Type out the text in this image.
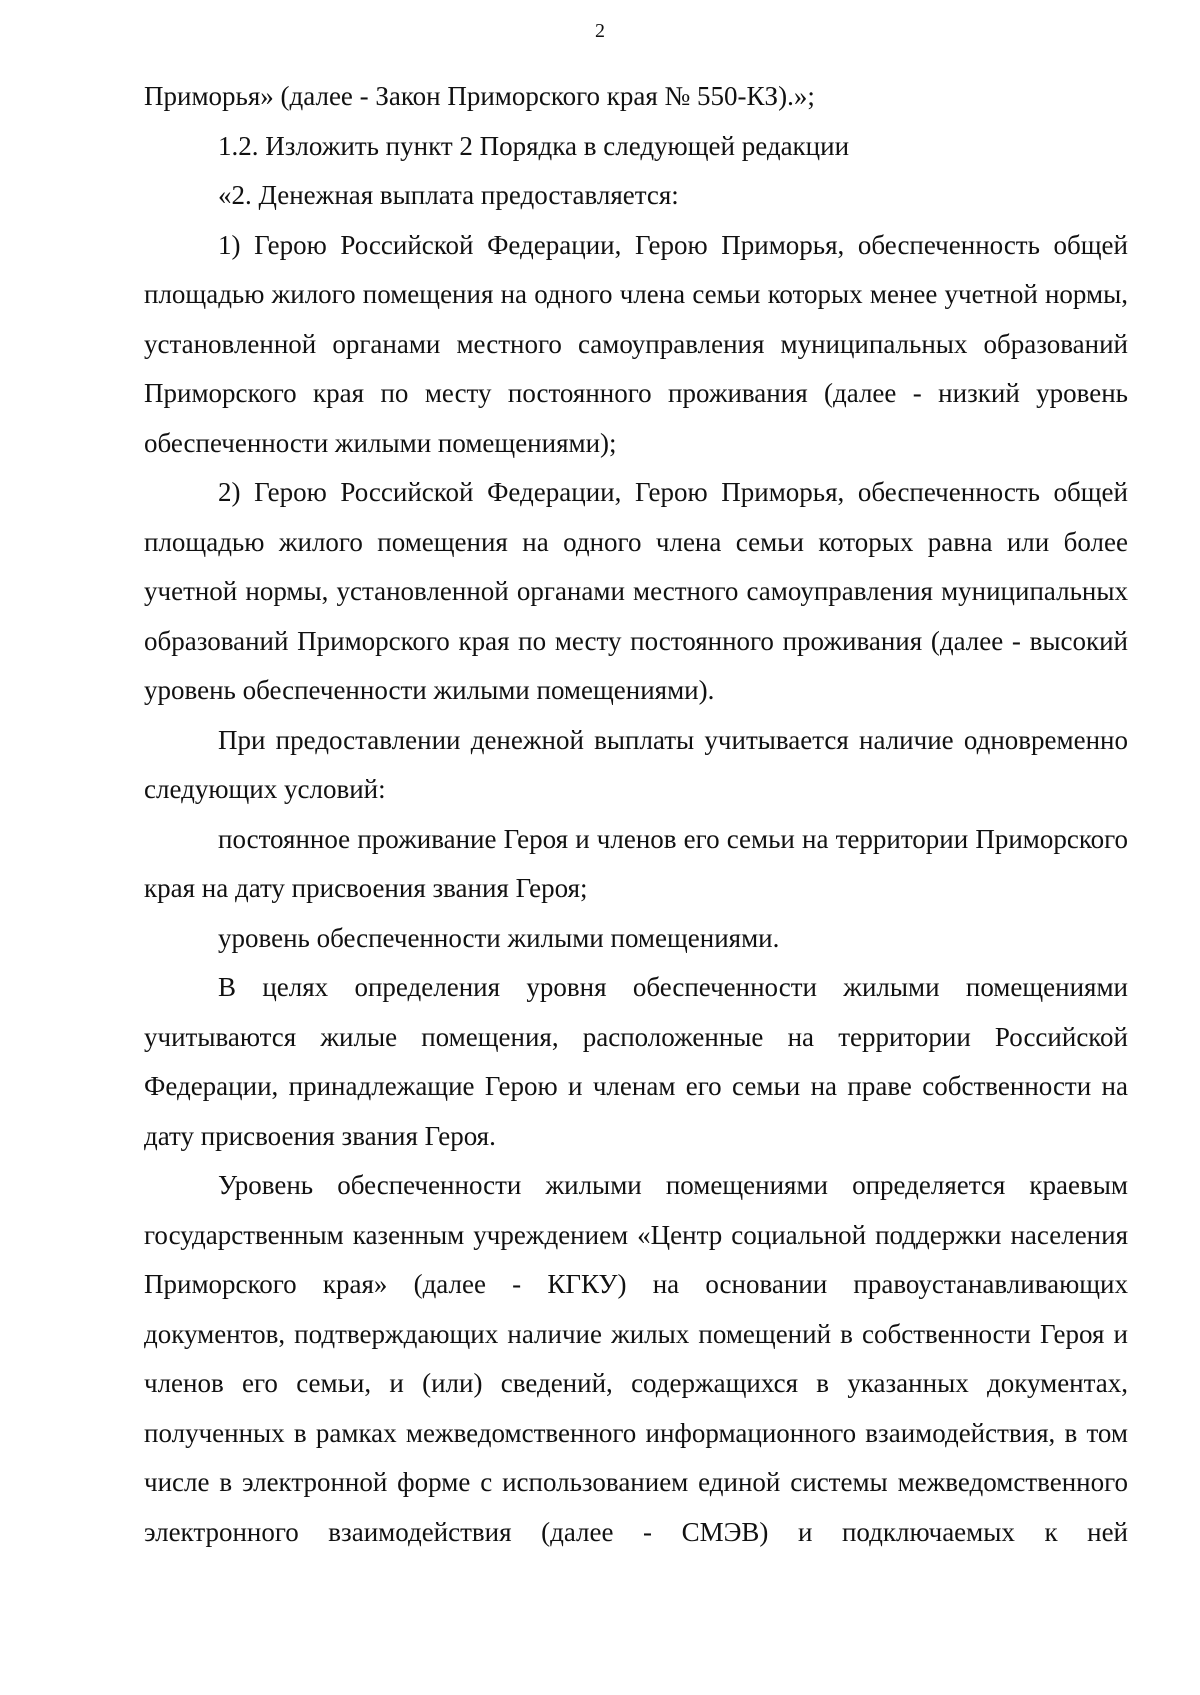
2

Приморья» (далее - Закон Приморского края № 550-КЗ).»;

1.2. Изложить пункт 2 Порядка в следующей редакции

«2. Денежная выплата предоставляется:

1) Герою Российской Федерации, Герою Приморья, обеспеченность общей площадью жилого помещения на одного члена семьи которых менее учетной нормы, установленной органами местного самоуправления муниципальных образований Приморского края по месту постоянного проживания (далее - низкий уровень обеспеченности жилыми помещениями);

2) Герою Российской Федерации, Герою Приморья, обеспеченность общей площадью жилого помещения на одного члена семьи которых равна или более учетной нормы, установленной органами местного самоуправления муниципальных образований Приморского края по месту постоянного проживания (далее - высокий уровень обеспеченности жилыми помещениями).

При предоставлении денежной выплаты учитывается наличие одновременно следующих условий:

постоянное проживание Героя и членов его семьи на территории Приморского края на дату присвоения звания Героя;

уровень обеспеченности жилыми помещениями.

В целях определения уровня обеспеченности жилыми помещениями учитываются жилые помещения, расположенные на территории Российской Федерации, принадлежащие Герою и членам его семьи на праве собственности на дату присвоения звания Героя.

Уровень обеспеченности жилыми помещениями определяется краевым государственным казенным учреждением «Центр социальной поддержки населения Приморского края» (далее - КГКУ) на основании правоустанавливающих документов, подтверждающих наличие жилых помещений в собственности Героя и членов его семьи, и (или) сведений, содержащихся в указанных документах, полученных в рамках межведомственного информационного взаимодействия, в том числе в электронной форме с использованием единой системы межведомственного электронного взаимодействия (далее - СМЭВ) и подключаемых к ней
